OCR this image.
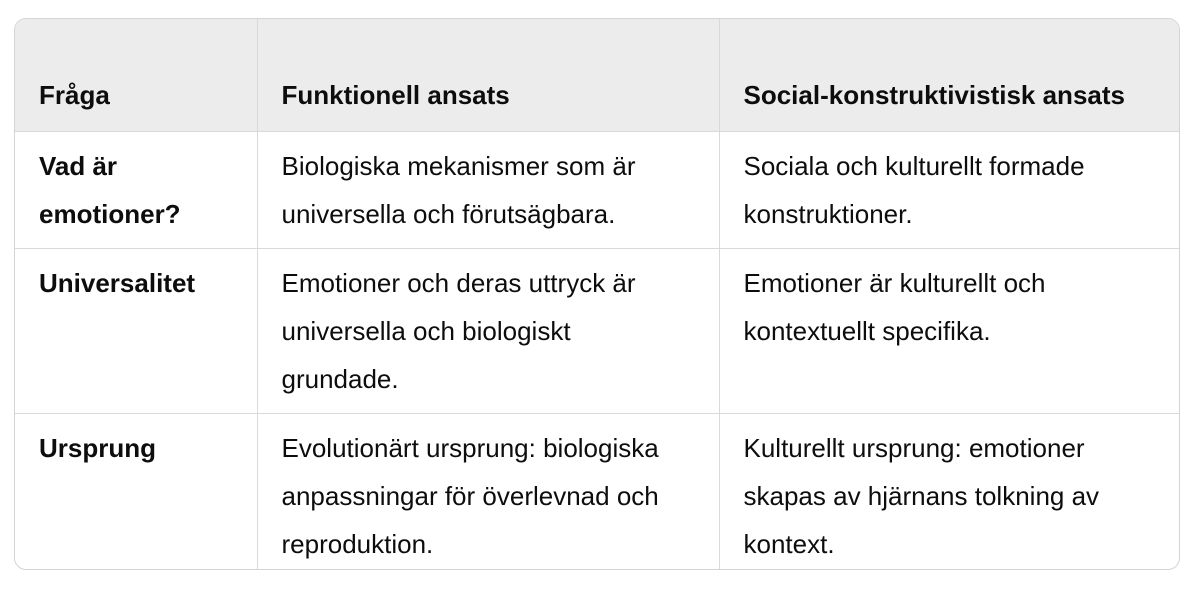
Fråga	Funktionell ansats	Social-konstruktivistisk ansats
Vad är emotioner?	Biologiska mekanismer som är universella och förutsägbara.	Sociala och kulturellt formade konstruktioner.
Universalitet	Emotioner och deras uttryck är universella och biologiskt grundade.	Emotioner är kulturellt och kontextuellt specifika.
Ursprung	Evolutionärt ursprung: biologiska anpassningar för överlevnad och reproduktion.	Kulturellt ursprung: emotioner skapas av hjärnans tolkning av kontext.
